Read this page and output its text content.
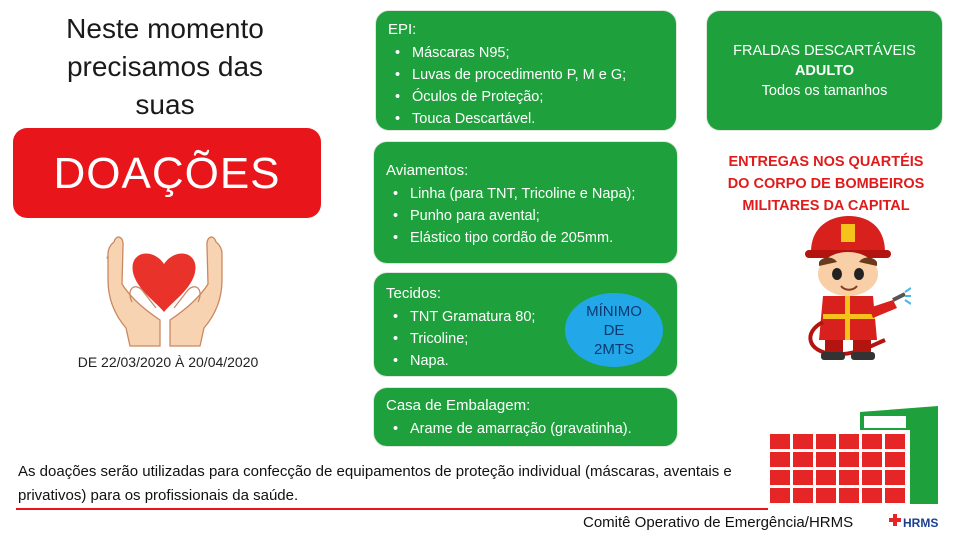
Neste momento
precisamos das
suas
DOAÇÕES
DE 22/03/2020 À 20/04/2020
EPI:
• Máscaras N95;
• Luvas de procedimento P, M e G;
• Óculos de Proteção;
• Touca Descartável.
Aviamentos:
• Linha (para TNT, Tricoline e Napa);
• Punho para avental;
• Elástico tipo cordão de 205mm.
Tecidos:
• TNT Gramatura 80;
• Tricoline;
• Napa.
MÍNIMO
DE
2MTS
Casa de Embalagem:
• Arame de amarração (gravatinha).
FRALDAS DESCARTÁVEIS
ADULTO
Todos os tamanhos
ENTREGAS NOS QUARTÉIS
DO CORPO DE BOMBEIROS
MILITARES DA CAPITAL
As doações serão utilizadas para confecção de equipamentos de proteção individual (máscaras, aventais e privativos) para os profissionais da saúde.
Comitê Operativo de Emergência/HRMS	HRMS
